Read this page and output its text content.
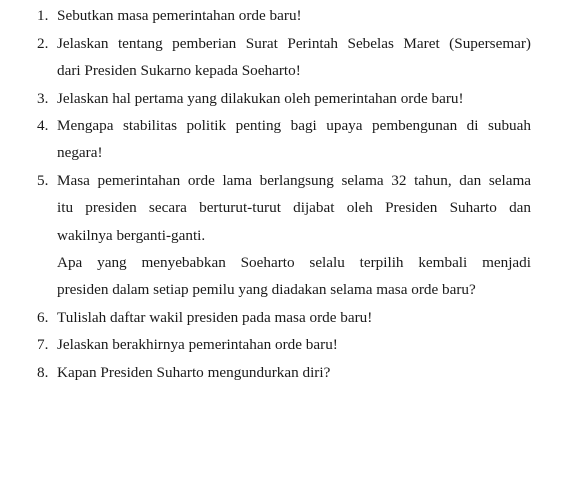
1. Sebutkan masa pemerintahan orde baru!
2. Jelaskan tentang pemberian Surat Perintah Sebelas Maret (Supersemar)
dari Presiden Sukarno kepada Soeharto!
3. Jelaskan hal pertama yang dilakukan oleh pemerintahan orde baru!
4. Mengapa stabilitas politik penting bagi upaya pembengunan di subuah
negara!
5. Masa pemerintahan orde lama berlangsung selama 32 tahun, dan selama
itu presiden secara berturut-turut dijabat oleh Presiden Suharto dan
wakilnya berganti-ganti.
Apa yang menyebabkan Soeharto selalu terpilih kembali menjadi
presiden dalam setiap pemilu yang diadakan selama masa orde baru?
6. Tulislah daftar wakil presiden pada masa orde baru!
7. Jelaskan berakhirnya pemerintahan orde baru!
8. Kapan Presiden Suharto mengundurkan diri?
